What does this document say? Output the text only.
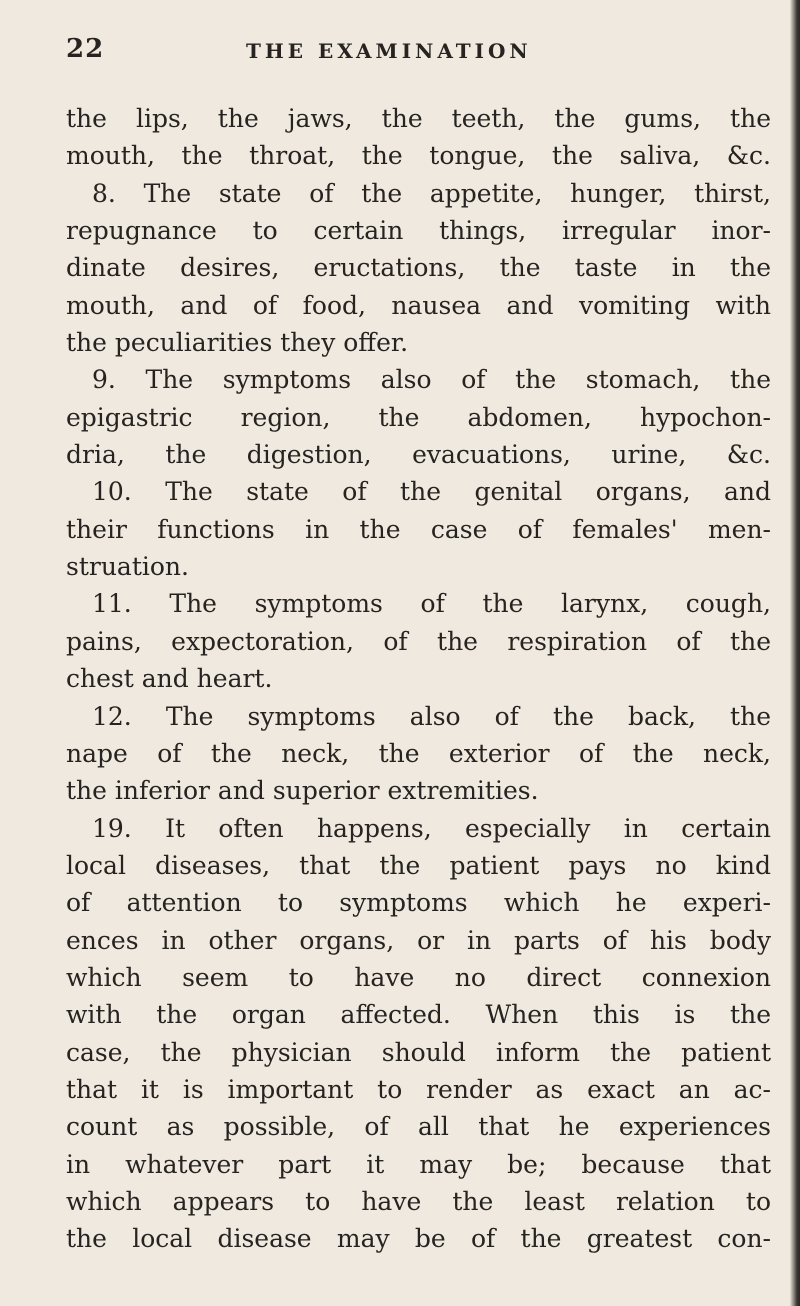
22	THE EXAMINATION
the lips, the jaws, the teeth, the gums, the
mouth, the throat, the tongue, the saliva, &c.
8. The state of the appetite, hunger, thirst,
repugnance to certain things, irregular inor-
dinate desires, eructations, the taste in the
mouth, and of food, nausea and vomiting with
the peculiarities they offer.
9. The symptoms also of the stomach, the
epigastric region, the abdomen, hypochon-
dria, the digestion, evacuations, urine, &c.
10. The state of the genital organs, and
their functions in the case of females' men-
struation.
11. The symptoms of the larynx, cough,
pains, expectoration, of the respiration of the
chest and heart.
12. The symptoms also of the back, the
nape of the neck, the exterior of the neck,
the inferior and superior extremities.
19. It often happens, especially in certain
local diseases, that the patient pays no kind
of attention to symptoms which he experi-
ences in other organs, or in parts of his body
which seem to have no direct connexion
with the organ affected. When this is the
case, the physician should inform the patient
that it is important to render as exact an ac-
count as possible, of all that he experiences
in whatever part it may be; because that
which appears to have the least relation to
the local disease may be of the greatest con-
